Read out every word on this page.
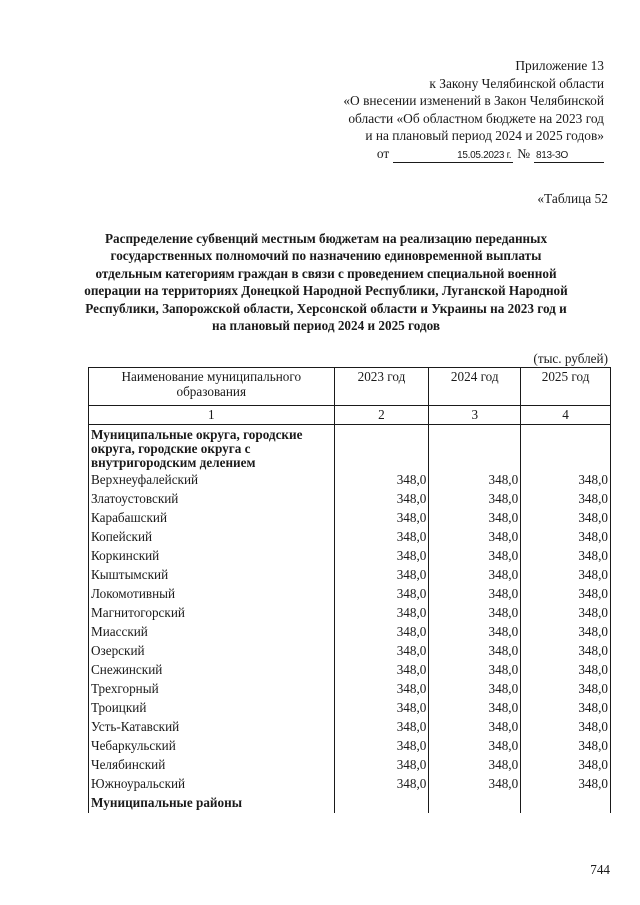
Приложение 13
к Закону Челябинской области
«О внесении изменений в Закон Челябинской
области «Об областном бюджете на 2023 год
и на плановый период 2024 и 2025 годов»
от	15.05.2023 г. № 813-ЗО
«Таблица 52
Распределение субвенций местным бюджетам на реализацию переданных государственных полномочий по назначению единовременной выплаты отдельным категориям граждан в связи с проведением специальной военной операции на территориях Донецкой Народной Республики, Луганской Народной Республики, Запорожской области, Херсонской области и Украины на 2023 год и на плановый период 2024 и 2025 годов
(тыс. рублей)
Наименование муниципального образования	2023 год	2024 год	2025 год
1	2	3	4
Муниципальные округа, городские округа, городские округа с внутригородским делением			
Верхнеуфалейский	348,0	348,0	348,0
Златоустовский	348,0	348,0	348,0
Карабашский	348,0	348,0	348,0
Копейский	348,0	348,0	348,0
Коркинский	348,0	348,0	348,0
Кыштымский	348,0	348,0	348,0
Локомотивный	348,0	348,0	348,0
Магнитогорский	348,0	348,0	348,0
Миасский	348,0	348,0	348,0
Озерский	348,0	348,0	348,0
Снежинский	348,0	348,0	348,0
Трехгорный	348,0	348,0	348,0
Троицкий	348,0	348,0	348,0
Усть-Катавский	348,0	348,0	348,0
Чебаркульский	348,0	348,0	348,0
Челябинский	348,0	348,0	348,0
Южноуральский	348,0	348,0	348,0
Муниципальные районы			
744
